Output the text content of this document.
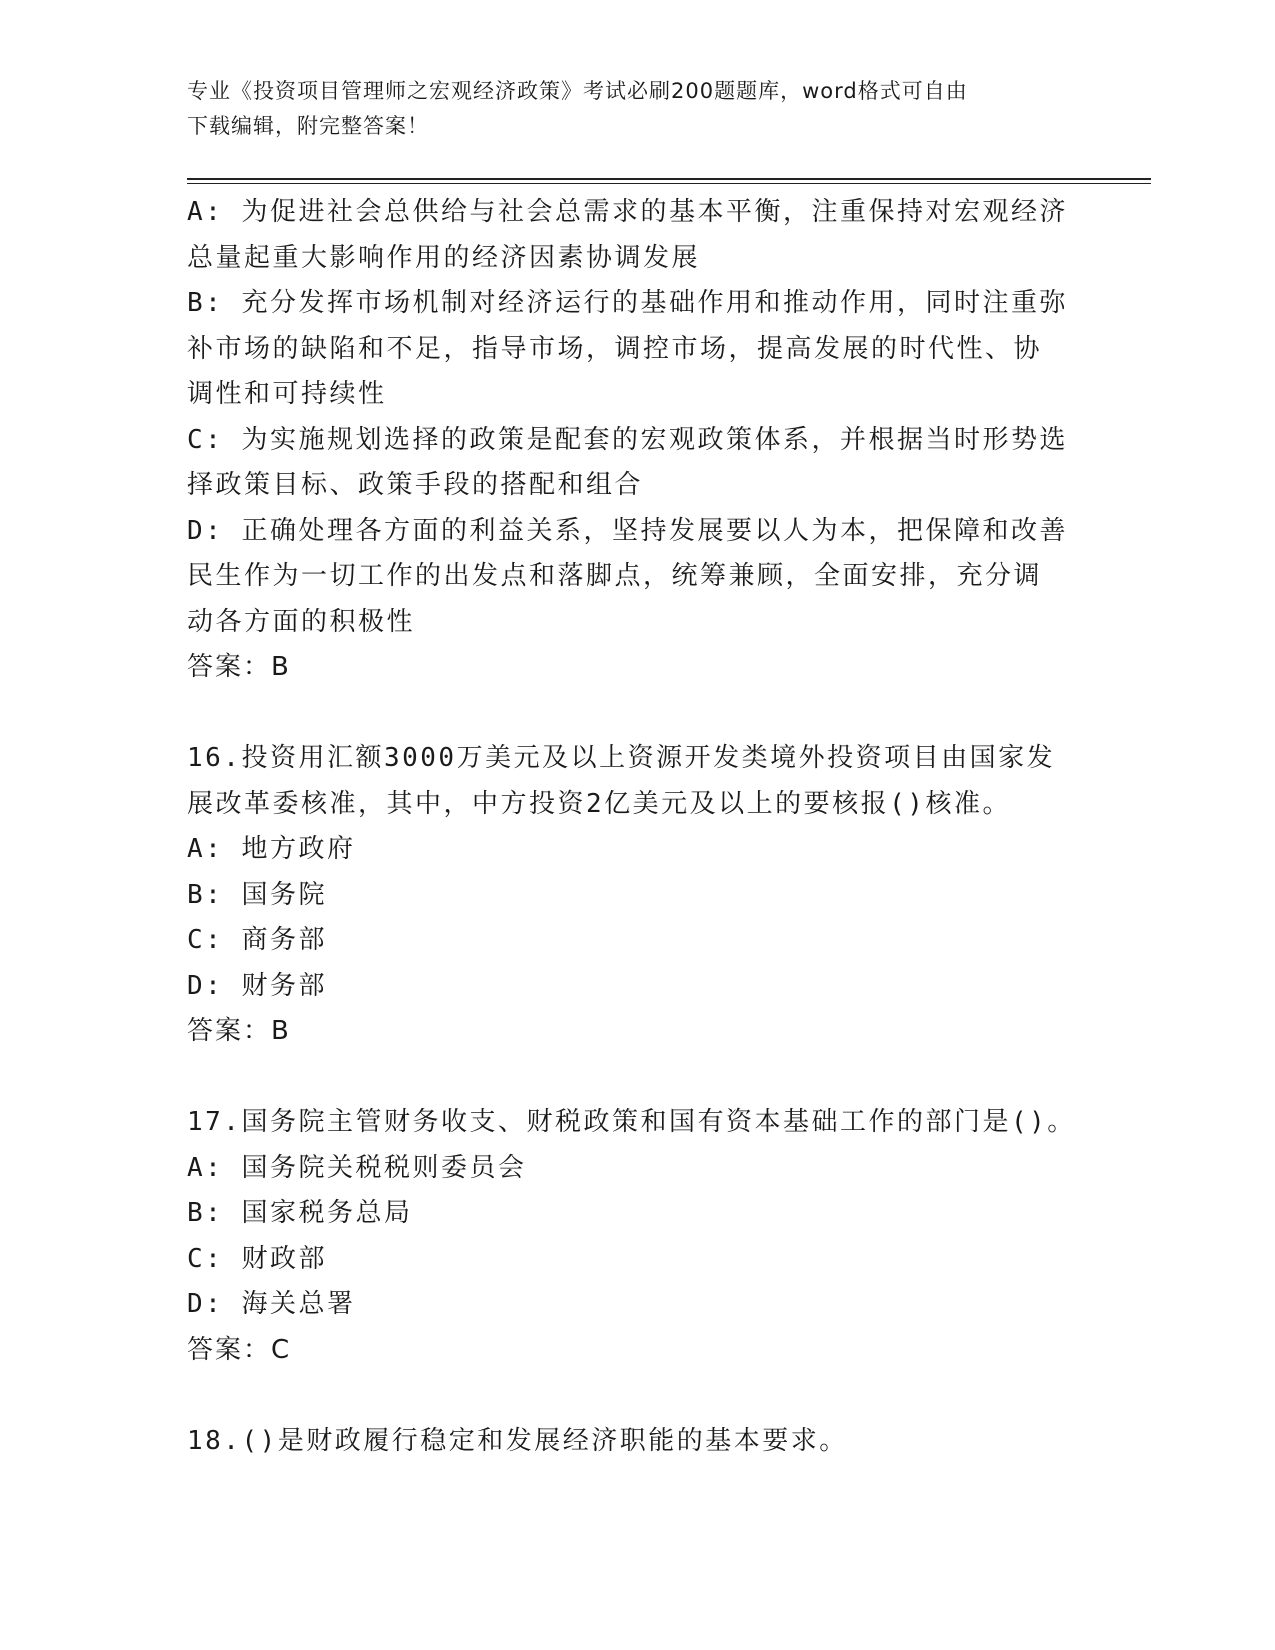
专业《投资项目管理师之宏观经济政策》考试必刷200题题库，word格式可自由
下载编辑，附完整答案！

A: 为促进社会总供给与社会总需求的基本平衡，注重保持对宏观经济

总量起重大影响作用的经济因素协调发展

B: 充分发挥市场机制对经济运行的基础作用和推动作用，同时注重弥

补市场的缺陷和不足，指导市场，调控市场，提高发展的时代性、协

调性和可持续性

C: 为实施规划选择的政策是配套的宏观政策体系，并根据当时形势选

择政策目标、政策手段的搭配和组合

D: 正确处理各方面的利益关系，坚持发展要以人为本，把保障和改善

民生作为一切工作的出发点和落脚点，统筹兼顾，全面安排，充分调

动各方面的积极性

答案：B

16.投资用汇额3000万美元及以上资源开发类境外投资项目由国家发

展改革委核准，其中，中方投资2亿美元及以上的要核报()核准。

A: 地方政府

B: 国务院

C: 商务部

D: 财务部

答案：B

17.国务院主管财务收支、财税政策和国有资本基础工作的部门是()。

A: 国务院关税税则委员会

B: 国家税务总局

C: 财政部

D: 海关总署

答案：C

18.()是财政履行稳定和发展经济职能的基本要求。
